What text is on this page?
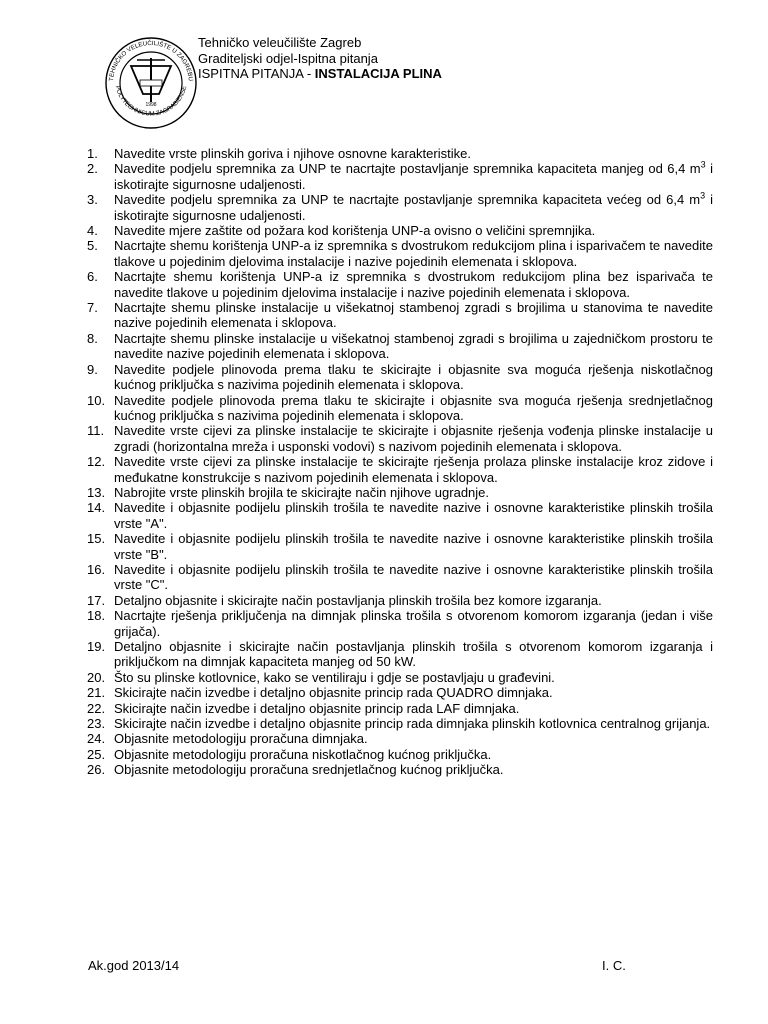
TEHNIČKO VELEUČILIŠTE U ZAGREBU
POLYTECHNICUM ZAGRABIENSE
1998
Tehničko veleučilište Zagreb
Graditeljski odjel-Ispitna pitanja
ISPITNA PITANJA - INSTALACIJA PLINA
1.	Navedite vrste plinskih goriva i njihove osnovne karakteristike.
2.	Navedite podjelu spremnika za UNP te nacrtajte postavljanje spremnika kapaciteta manjeg od 6,4 $m^3$ i iskotirajte sigurnosne udaljenosti.
3.	Navedite podjelu spremnika za UNP te nacrtajte postavljanje spremnika kapaciteta većeg od 6,4 $m^3$ i iskotirajte sigurnosne udaljenosti.
4.	Navedite mjere zaštite od požara kod korištenja UNP-a ovisno o veličini spremnjika.
5.	Nacrtajte shemu korištenja UNP-a iz spremnika s dvostrukom redukcijom plina i isparivačem te navedite tlakove u pojedinim djelovima instalacije i nazive pojedinih elemenata i sklopova.
6.	Nacrtajte shemu korištenja UNP-a iz spremnika s dvostrukom redukcijom plina bez isparivača te navedite tlakove u pojedinim djelovima instalacije i nazive pojedinih elemenata i sklopova.
7.	Nacrtajte shemu plinske instalacije u višekatnoj stambenoj zgradi s brojilima u stanovima te navedite nazive pojedinih elemenata i sklopova.
8.	Nacrtajte shemu plinske instalacije u višekatnoj stambenoj zgradi s brojilima u zajedničkom prostoru te navedite nazive pojedinih elemenata i sklopova.
9.	Navedite podjele plinovoda prema tlaku te skicirajte i objasnite sva moguća rješenja niskotlačnog kućnog priključka s nazivima pojedinih elemenata i sklopova.
10. Navedite podjele plinovoda prema tlaku te skicirajte i objasnite sva moguća rješenja srednjetlačnog kućnog priključka s nazivima pojedinih elemenata i sklopova.
11. Navedite vrste cijevi za plinske instalacije te skicirajte i objasnite rješenja vođenja plinske instalacije u zgradi (horizontalna mreža i usponski vodovi) s nazivom pojedinih elemenata i sklopova.
12. Navedite vrste cijevi za plinske instalacije te skicirajte rješenja prolaza plinske instalacije kroz zidove i međukatne konstrukcije s nazivom pojedinih elemenata i sklopova.
13. Nabrojite vrste plinskih brojila te skicirajte način njihove ugradnje.
14. Navedite i objasnite podijelu plinskih trošila te navedite nazive i osnovne karakteristike plinskih trošila vrste "A".
15. Navedite i objasnite podijelu plinskih trošila te navedite nazive i osnovne karakteristike plinskih trošila vrste "B".
16. Navedite i objasnite podijelu plinskih trošila te navedite nazive i osnovne karakteristike plinskih trošila vrste "C".
17. Detaljno objasnite i skicirajte način postavljanja plinskih trošila bez komore izgaranja.
18. Nacrtajte rješenja priključenja na dimnjak plinska trošila s otvorenom komorom izgaranja (jedan i više grijača).
19. Detaljno objasnite i skicirajte način postavljanja plinskih trošila s otvorenom komorom izgaranja i priključkom na dimnjak kapaciteta manjeg od 50 kW.
20. Što su plinske kotlovnice, kako se ventiliraju i gdje se postavljaju u građevini.
21. Skicirajte način izvedbe i detaljno objasnite princip rada QUADRO dimnjaka.
22. Skicirajte način izvedbe i detaljno objasnite princip rada LAF dimnjaka.
23. Skicirajte način izvedbe i detaljno objasnite princip rada dimnjaka plinskih kotlovnica centralnog grijanja.
24. Objasnite metodologiju proračuna dimnjaka.
25. Objasnite metodologiju proračuna niskotlačnog kućnog priključka.
26. Objasnite metodologiju proračuna srednjetlačnog kućnog priključka.
Ak.god 2013/14	I. C.
